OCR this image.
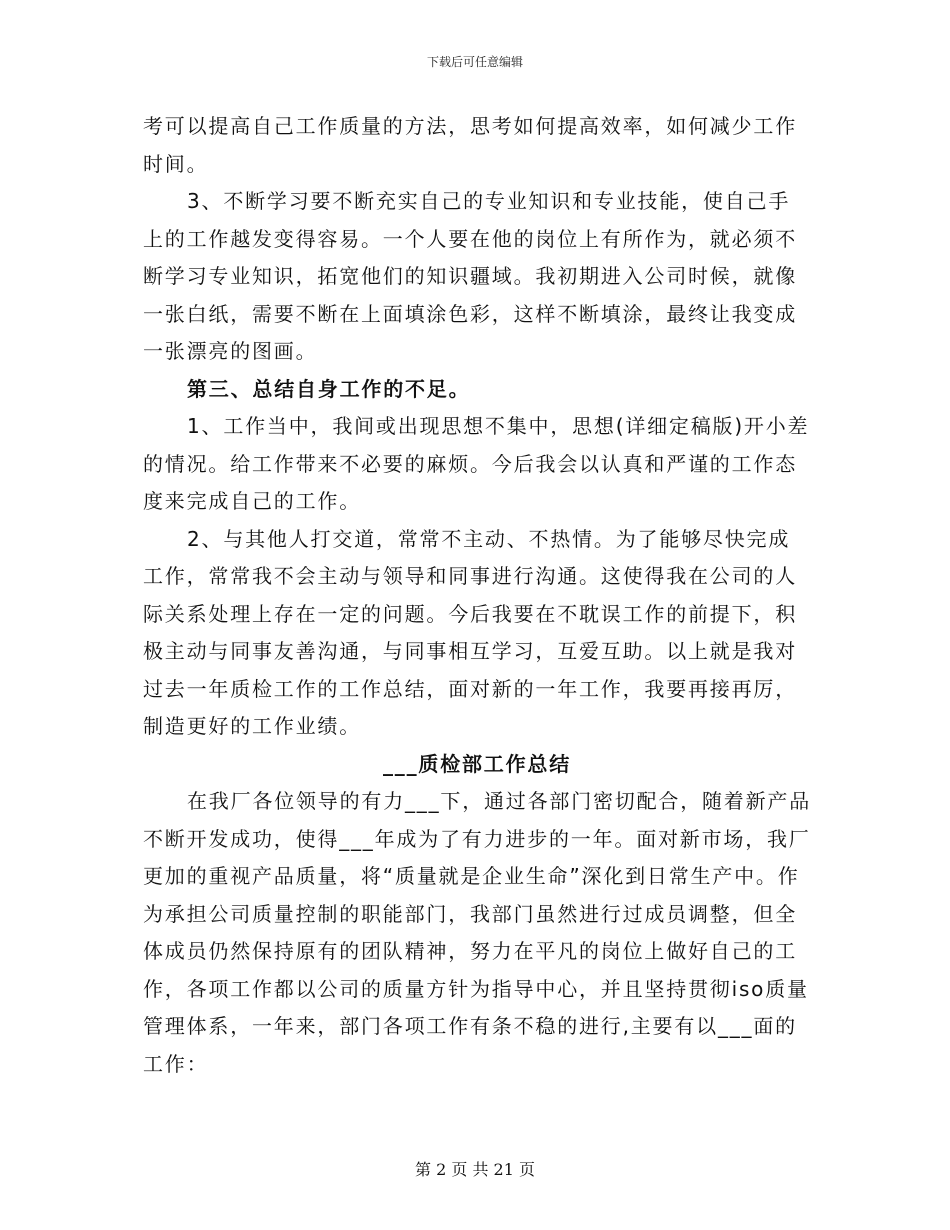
下载后可任意编辑

考可以提高自己工作质量的方法，思考如何提高效率，如何减少工作时间。

3、不断学习要不断充实自己的专业知识和专业技能，使自己手上的工作越发变得容易。一个人要在他的岗位上有所作为，就必须不断学习专业知识，拓宽他们的知识疆域。我初期进入公司时候，就像一张白纸，需要不断在上面填涂色彩，这样不断填涂，最终让我变成一张漂亮的图画。

第三、总结自身工作的不足。

1、工作当中，我间或出现思想不集中，思想(详细定稿版)开小差的情况。给工作带来不必要的麻烦。今后我会以认真和严谨的工作态度来完成自己的工作。

2、与其他人打交道，常常不主动、不热情。为了能够尽快完成工作，常常我不会主动与领导和同事进行沟通。这使得我在公司的人际关系处理上存在一定的问题。今后我要在不耽误工作的前提下，积极主动与同事友善沟通，与同事相互学习，互爱互助。以上就是我对过去一年质检工作的工作总结，面对新的一年工作，我要再接再厉，制造更好的工作业绩。

___质检部工作总结

在我厂各位领导的有力___下，通过各部门密切配合，随着新产品不断开发成功，使得___年成为了有力进步的一年。面对新市场，我厂更加的重视产品质量，将“质量就是企业生命”深化到日常生产中。作为承担公司质量控制的职能部门，我部门虽然进行过成员调整，但全体成员仍然保持原有的团队精神，努力在平凡的岗位上做好自己的工作，各项工作都以公司的质量方针为指导中心，并且坚持贯彻iso质量管理体系，一年来，部门各项工作有条不稳的进行,主要有以___面的工作：

第 2 页 共 21 页
